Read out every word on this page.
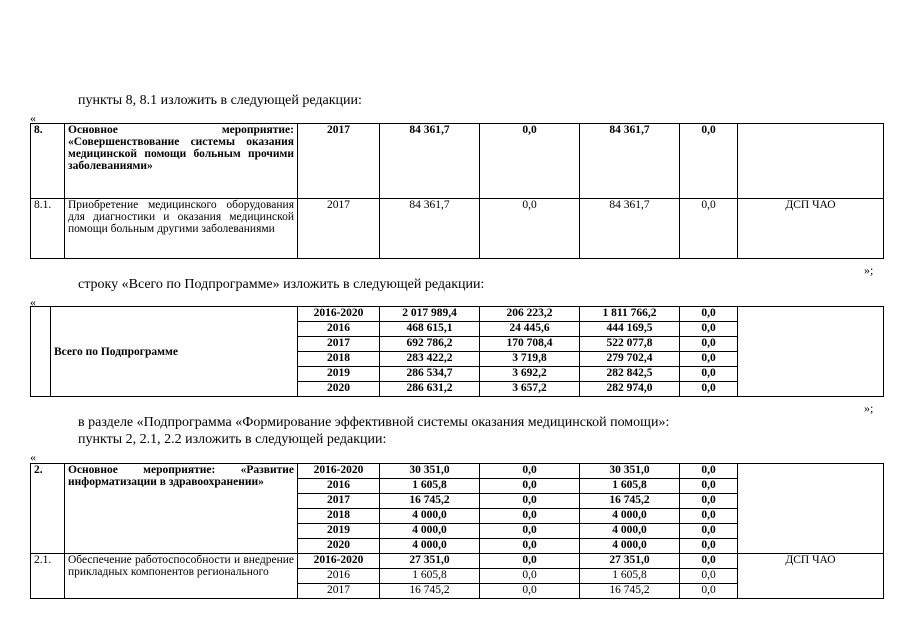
пункты 8, 8.1 изложить в следующей редакции:
«
8.	Основное мероприятие: «Совершенствование системы оказания медицинской помощи больным прочими заболеваниями»	2017	84 361,7	0,0	84 361,7	0,0	
8.1.	Приобретение медицинского оборудования для диагностики и оказания медицинской помощи больным другими заболеваниями	2017	84 361,7	0,0	84 361,7	0,0	ДСП ЧАО
»;
строку «Всего по Подпрограмме» изложить в следующей редакции:
«
	Всего по Подпрограмме	2016-2020	2 017 989,4	206 223,2	1 811 766,2	0,0	
		2016	468 615,1	24 445,6	444 169,5	0,0	
		2017	692 786,2	170 708,4	522 077,8	0,0	
		2018	283 422,2	3 719,8	279 702,4	0,0	
		2019	286 534,7	3 692,2	282 842,5	0,0	
		2020	286 631,2	3 657,2	282 974,0	0,0	
»;
в разделе «Подпрограмма «Формирование эффективной системы оказания медицинской помощи»:
пункты 2, 2.1, 2.2 изложить в следующей редакции:
«
2.	Основное мероприятие: «Развитие информатизации в здравоохранении»	2016-2020	30 351,0	0,0	30 351,0	0,0	
		2016	1 605,8	0,0	1 605,8	0,0	
		2017	16 745,2	0,0	16 745,2	0,0	
		2018	4 000,0	0,0	4 000,0	0,0	
		2019	4 000,0	0,0	4 000,0	0,0	
		2020	4 000,0	0,0	4 000,0	0,0	
2.1.	Обеспечение работоспособности и внедрение прикладных компонентов регионального	2016-2020	27 351,0	0,0	27 351,0	0,0	ДСП ЧАО
		2016	1 605,8	0,0	1 605,8	0,0	
		2017	16 745,2	0,0	16 745,2	0,0	
